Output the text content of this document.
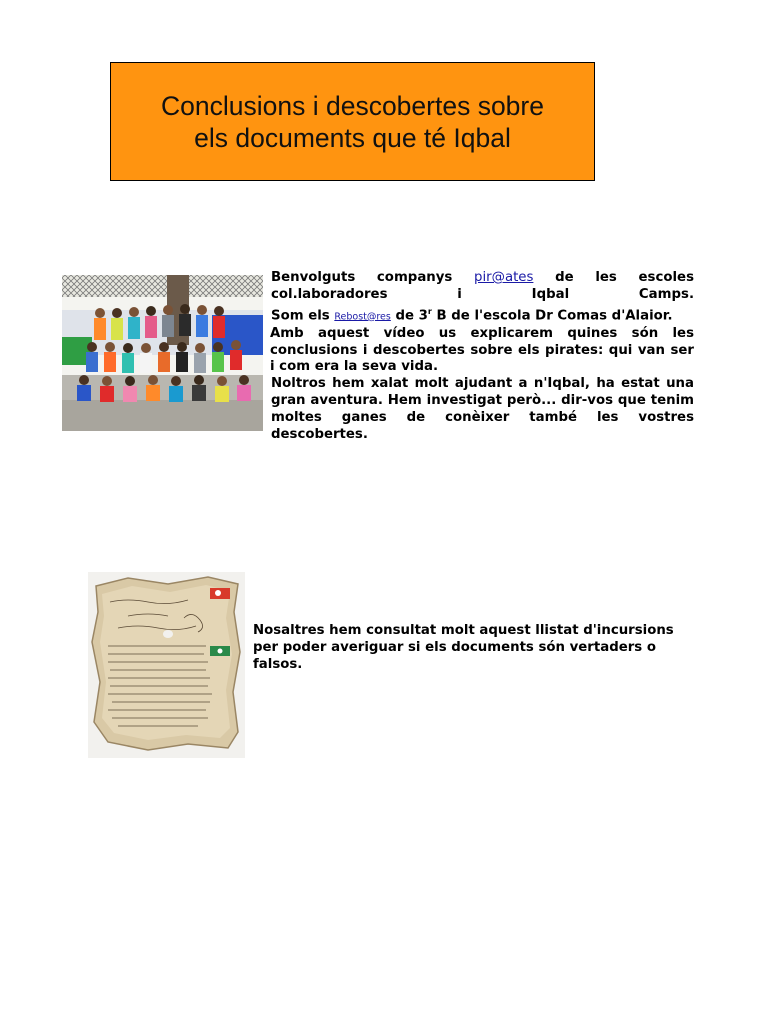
Conclusions i descobertes sobre
els documents que té Iqbal

Benvolguts companys pir@ates de les escoles col.laboradores i Iqbal Camps.

Som els Rebost@res de 3$^r$ B de l'escola Dr Comas d'Alaior.

Amb aquest vídeo us explicarem quines són les conclusions i descobertes sobre els pirates: qui van ser i com era la seva vida.

Noltros hem xalat molt ajudant a n'Iqbal, ha estat una gran aventura. Hem investigat però... dir-vos que tenim moltes ganes de conèixer també les vostres descobertes.

Nosaltres hem consultat molt aquest llistat d'incursions per poder averiguar si els documents són vertaders o falsos.
